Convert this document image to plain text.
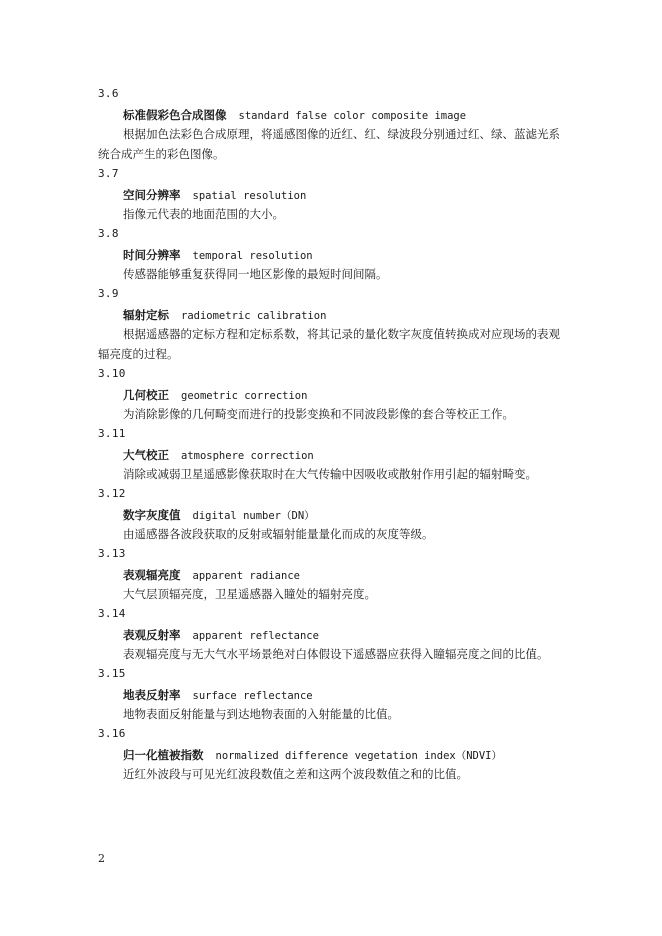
3.6
标准假彩色合成图像 standard false color composite image

根据加色法彩色合成原理，将遥感图像的近红、红、绿波段分别通过红、绿、蓝滤光系统合成产生的彩色图像。

3.7
空间分辨率 spatial resolution

指像元代表的地面范围的大小。

3.8
时间分辨率 temporal resolution

传感器能够重复获得同一地区影像的最短时间间隔。

3.9
辐射定标 radiometric calibration

根据遥感器的定标方程和定标系数，将其记录的量化数字灰度值转换成对应现场的表观辐亮度的过程。

3.10
几何校正 geometric correction

为消除影像的几何畸变而进行的投影变换和不同波段影像的套合等校正工作。

3.11
大气校正 atmosphere correction

消除或减弱卫星遥感影像获取时在大气传输中因吸收或散射作用引起的辐射畸变。

3.12
数字灰度值 digital number（DN）

由遥感器各波段获取的反射或辐射能量量化而成的灰度等级。

3.13
表观辐亮度 apparent radiance

大气层顶辐亮度，卫星遥感器入瞳处的辐射亮度。

3.14
表观反射率 apparent reflectance

表观辐亮度与无大气水平场景绝对白体假设下遥感器应获得入瞳辐亮度之间的比值。

3.15
地表反射率 surface reflectance

地物表面反射能量与到达地物表面的入射能量的比值。

3.16
归一化植被指数 normalized difference vegetation index（NDVI）

近红外波段与可见光红波段数值之差和这两个波段数值之和的比值。

2
